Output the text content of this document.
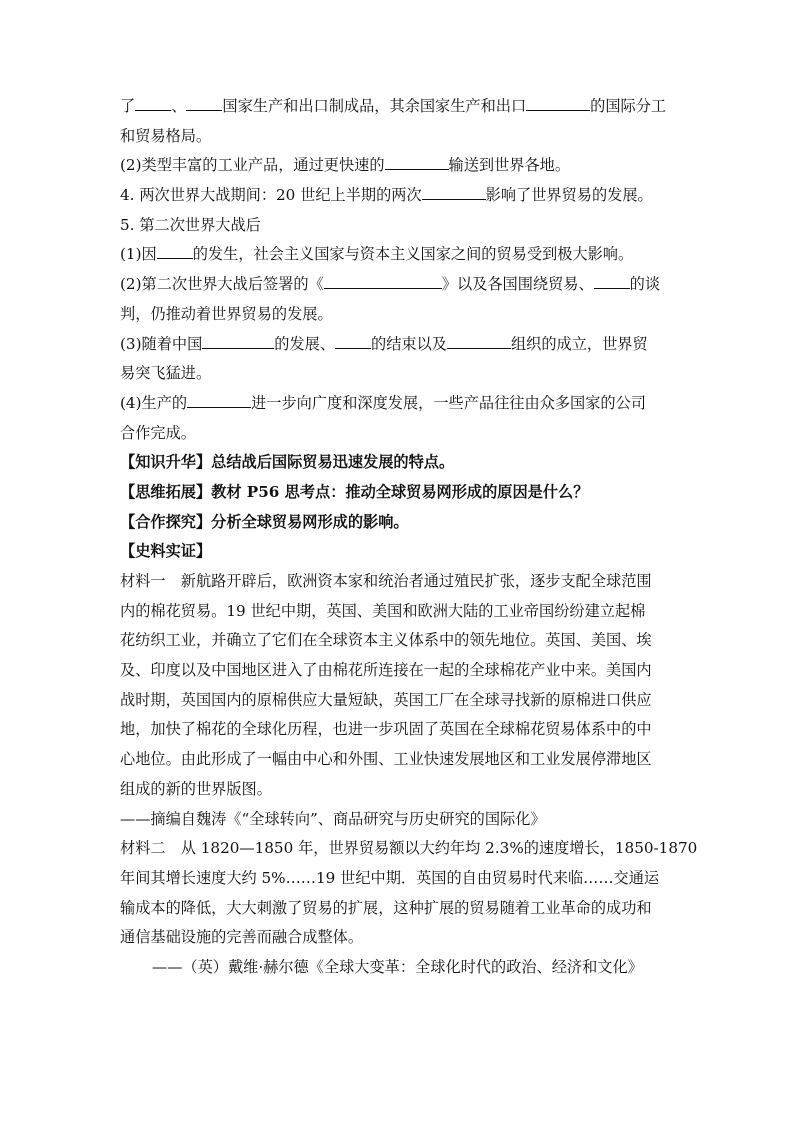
了 、 国家生产和出口制成品，其余国家生产和出口	的国际分工
和贸易格局。
(2)类型丰富的工业产品，通过更快速的	输送到世界各地。
4. 两次世界大战期间：20 世纪上半期的两次	影响了世界贸易的发展。
5. 第二次世界大战后
(1)因 的发生，社会主义国家与资本主义国家之间的贸易受到极大影响。
(2)第二次世界大战后签署的《	》以及各国围绕贸易、 的谈
判，仍推动着世界贸易的发展。
(3)随着中国	的发展、 的结束以及	组织的成立，世界贸
易突飞猛进。
(4)生产的	进一步向广度和深度发展，一些产品往往由众多国家的公司
合作完成。
【知识升华】总结战后国际贸易迅速发展的特点。
【思维拓展】教材 P56 思考点：推动全球贸易网形成的原因是什么？
【合作探究】分析全球贸易网形成的影响。
【史料实证】
材料一　新航路开辟后，欧洲资本家和统治者通过殖民扩张，逐步支配全球范围
内的棉花贸易。19 世纪中期，英国、美国和欧洲大陆的工业帝国纷纷建立起棉
花纺织工业，并确立了它们在全球资本主义体系中的领先地位。英国、美国、埃
及、印度以及中国地区进入了由棉花所连接在一起的全球棉花产业中来。美国内
战时期，英国国内的原棉供应大量短缺，英国工厂在全球寻找新的原棉进口供应
地，加快了棉花的全球化历程，也进一步巩固了英国在全球棉花贸易体系中的中
心地位。由此形成了一幅由中心和外围、工业快速发展地区和工业发展停滞地区
组成的新的世界版图。
——摘编自魏涛《“全球转向”、商品研究与历史研究的国际化》
材料二　从 1820—1850 年，世界贸易额以大约年均 2.3%的速度增长，1850-1870
年间其增长速度大约 5%……19 世纪中期．英国的自由贸易时代来临……交通运
输成本的降低，大大刺激了贸易的扩展，这种扩展的贸易随着工业革命的成功和
通信基础设施的完善而融合成整体。
——（英）戴维·赫尔德《全球大变革：全球化时代的政治、经济和文化》
